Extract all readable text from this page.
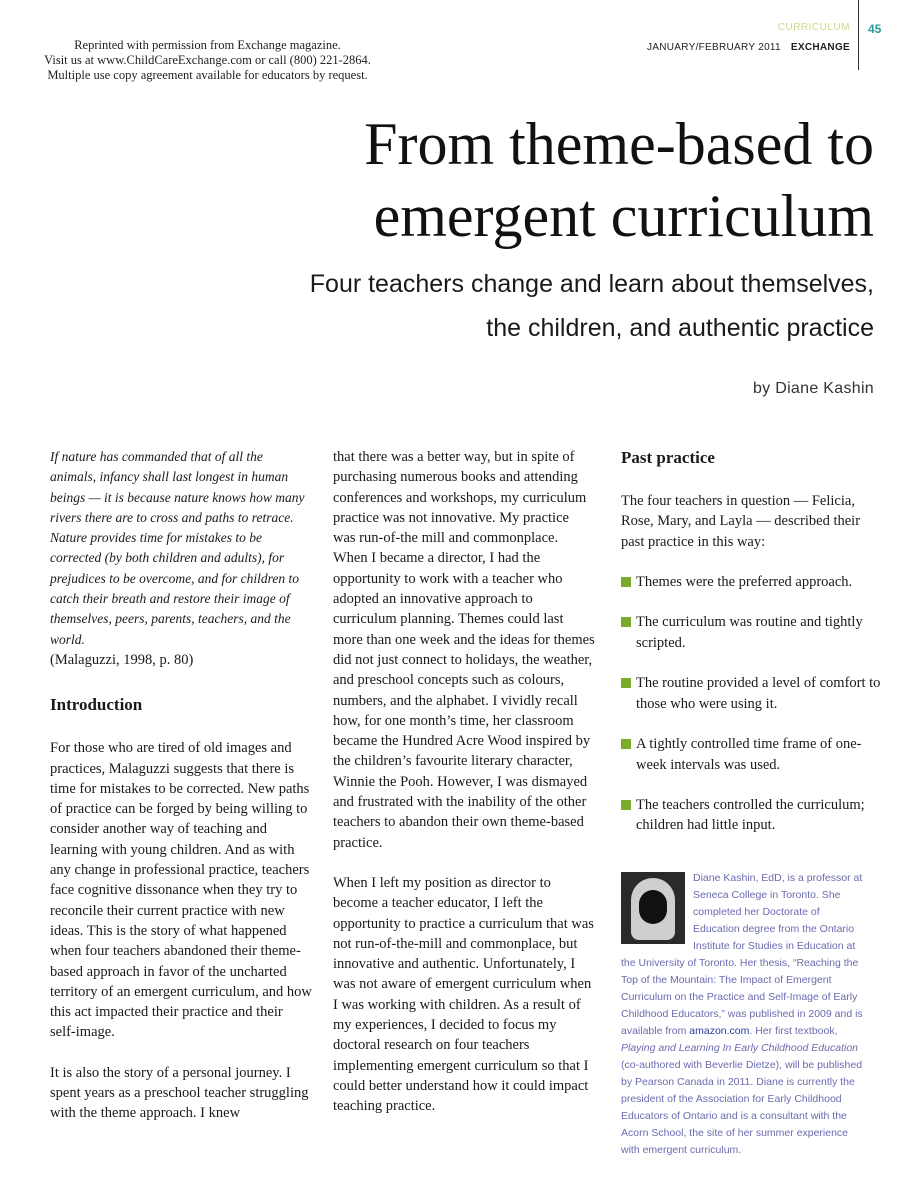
Reprinted with permission from Exchange magazine.
Visit us at www.ChildCareExchange.com or call (800) 221-2864.
Multiple use copy agreement available for educators by request.
CURRICULUM
JANUARY/FEBRUARY 2011 EXCHANGE
45
From theme-based to
emergent curriculum
Four teachers change and learn about themselves,
the children, and authentic practice
by Diane Kashin

If nature has commanded that of all the animals, infancy shall last longest in human beings — it is because nature knows how many rivers there are to cross and paths to retrace. Nature provides time for mistakes to be corrected (by both children and adults), for prejudices to be overcome, and for children to catch their breath and restore their image of themselves, peers, parents, teachers, and the world.

(Malaguzzi, 1998, p. 80)

Introduction

For those who are tired of old images and practices, Malaguzzi suggests that there is time for mistakes to be corrected. New paths of practice can be forged by being willing to consider another way of teaching and learning with young children. And as with any change in professional practice, teachers face cognitive dissonance when they try to reconcile their current practice with new ideas. This is the story of what happened when four teachers abandoned their theme-based approach in favor of the uncharted territory of an emergent curriculum, and how this act impacted their practice and their self-image.

It is also the story of a personal journey. I spent years as a preschool teacher struggling with the theme approach. I knew

that there was a better way, but in spite of purchasing numerous books and attending conferences and workshops, my curriculum practice was not innovative. My practice was run-of-the mill and commonplace. When I became a director, I had the opportunity to work with a teacher who adopted an innovative approach to curriculum planning. Themes could last more than one week and the ideas for themes did not just connect to holidays, the weather, and preschool concepts such as colours, numbers, and the alphabet. I vividly recall how, for one month’s time, her classroom became the Hundred Acre Wood inspired by the children’s favourite literary character, Winnie the Pooh. However, I was dismayed and frustrated with the inability of the other teachers to abandon their own theme-based practice.

When I left my position as director to become a teacher educator, I left the opportunity to practice a curriculum that was not run-of-the-mill and commonplace, but innovative and authentic. Unfortunately, I was not aware of emergent curriculum when I was working with children. As a result of my experiences, I decided to focus my doctoral research on four teachers implementing emergent curriculum so that I could better understand how it could impact teaching practice.

Past practice

The four teachers in question — Felicia, Rose, Mary, and Layla — described their past practice in this way:

Themes were the preferred approach.
The curriculum was routine and tightly scripted.
The routine provided a level of comfort to those who were using it.
A tightly controlled time frame of one-week intervals was used.
The teachers controlled the curriculum; children had little input.
Diane Kashin, EdD, is a professor at Seneca College in Toronto. She completed her Doctorate of Education degree from the Ontario Institute for Studies in Education at the University of Toronto. Her thesis, “Reaching the Top of the Mountain: The Impact of Emergent Curriculum on the Practice and Self-Image of Early Childhood Educators,” was published in 2009 and is available from amazon.com. Her first textbook, Playing and Learning In Early Childhood Education (co-authored with Beverlie Dietze), will be published by Pearson Canada in 2011. Diane is currently the president of the Association for Early Childhood Educators of Ontario and is a consultant with the Acorn School, the site of her summer experience with emergent curriculum.
